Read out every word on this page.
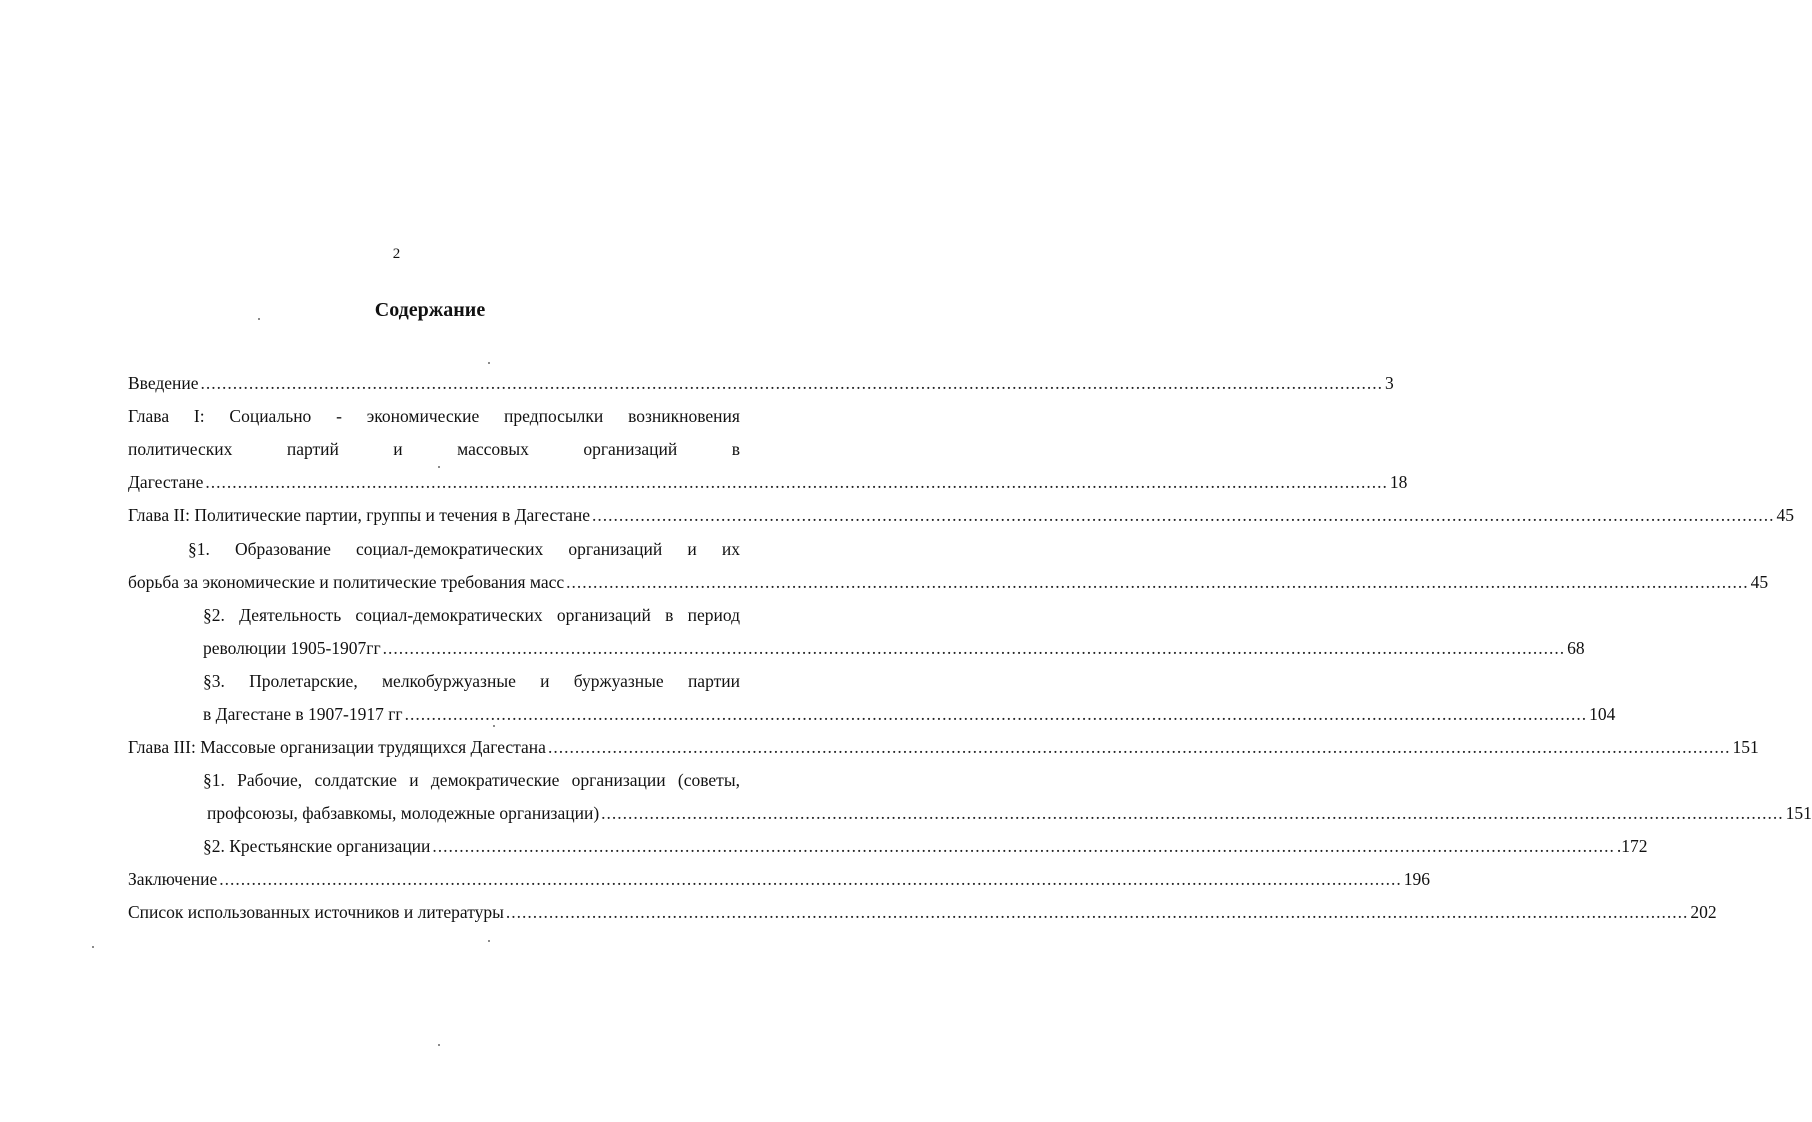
2
Содержание
Введение ............................................................................................................................................................................................................................ 3
Глава I: Социально - экономические предпосылки возникновения
политических	партий	и	массовых	организаций	в
Дагестане ............................................................................................................................................................................................................................ 18
Глава II: Политические партии, группы и течения в Дагестане ............................................................................................................................................................................................................................ 45
§1. Образование социал-демократических организаций и их
борьба за экономические и политические требования масс ............................................................................................................................................................................................................................ 45
§2. Деятельность социал-демократических организаций в период
революции 1905-1907гг ............................................................................................................................................................................................................................ 68
§3. Пролетарские, мелкобуржуазные и буржуазные партии
в Дагестане в 1907-1917 гг ............................................................................................................................................................................................................................ 104
Глава III: Массовые организации трудящихся Дагестана ............................................................................................................................................................................................................................ 151
§1. Рабочие, солдатские и демократические организации (советы,
профсоюзы, фабзавкомы, молодежные организации) ............................................................................................................................................................................................................................ 151
§2. Крестьянские организации ............................................................................................................................................................................................................................ .172
Заключение ............................................................................................................................................................................................................................ 196
Список использованных источников и литературы ............................................................................................................................................................................................................................ 202
